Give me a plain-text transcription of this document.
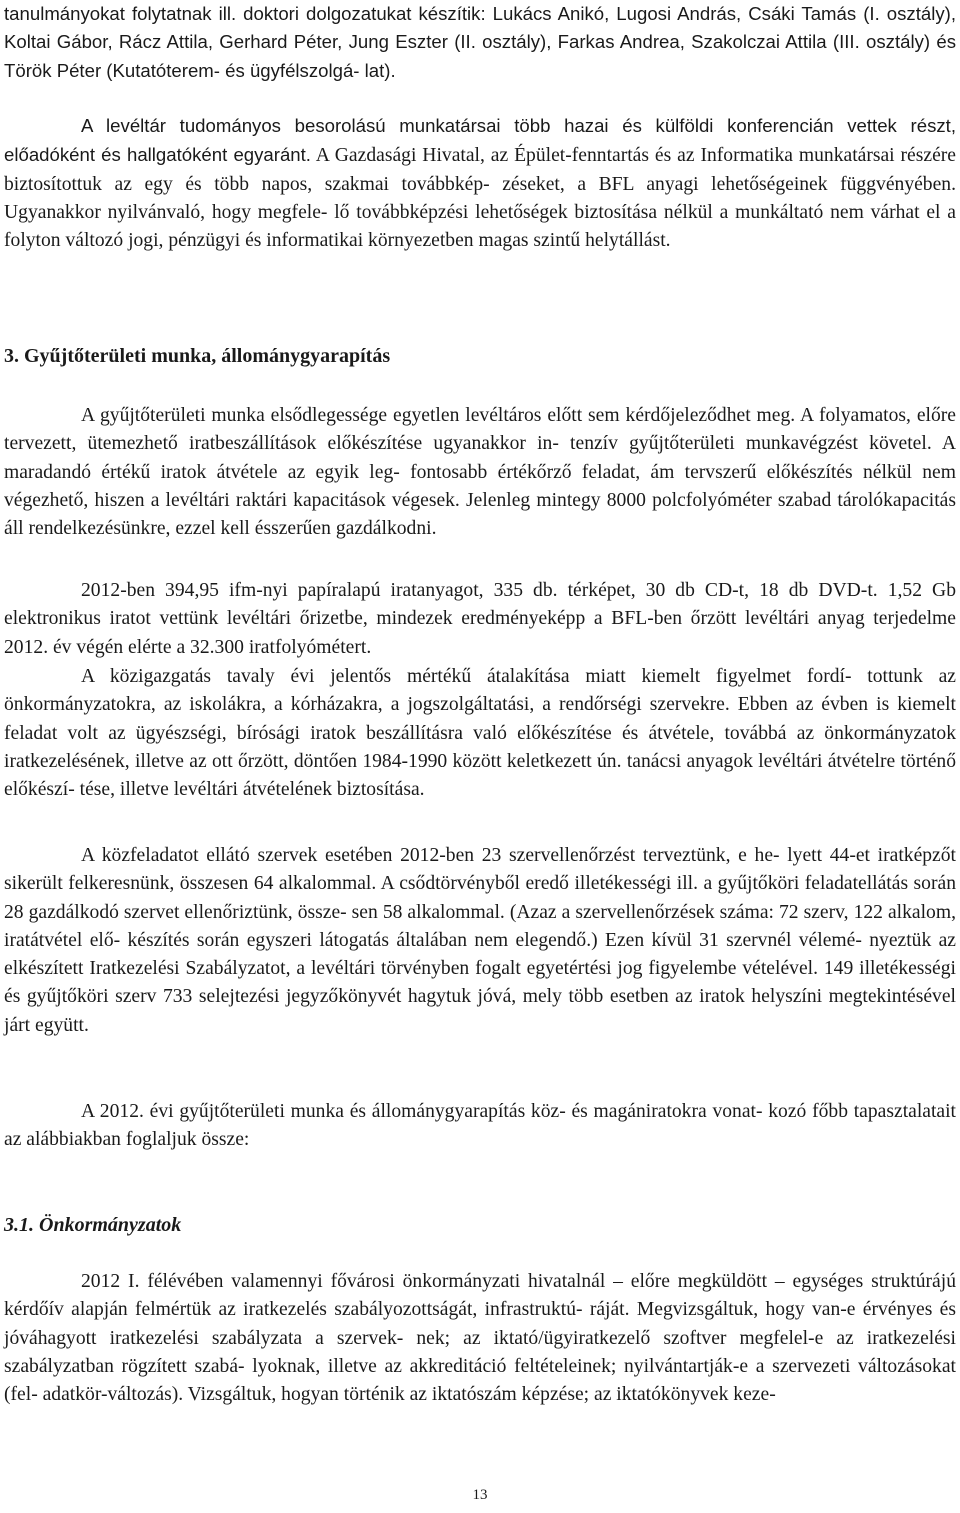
tanulmányokat folytatnak ill. doktori dolgozatukat készítik: Lukács Anikó, Lugosi András, Csáki Tamás (I. osztály), Koltai Gábor, Rácz Attila, Gerhard Péter, Jung Eszter (II. osztály), Farkas Andrea, Szakolczai Attila (III. osztály) és Török Péter (Kutatóterem- és ügyfélszolgá- lat).

A levéltár tudományos besorolású munkatársai több hazai és külföldi konferencián vettek részt, előadóként és hallgatóként egyaránt. A Gazdasági Hivatal, az Épület-fenntartás és az Informatika munkatársai részére biztosítottuk az egy és több napos, szakmai továbbkép- zéseket, a BFL anyagi lehetőségeinek függvényében. Ugyanakkor nyilvánvaló, hogy megfele- lő továbbképzési lehetőségek biztosítása nélkül a munkáltató nem várhat el a folyton változó jogi, pénzügyi és informatikai környezetben magas szintű helytállást.

3. Gyűjtőterületi munka, állománygyarapítás

A gyűjtőterületi munka elsődlegessége egyetlen levéltáros előtt sem kérdőjeleződhet meg. A folyamatos, előre tervezett, ütemezhető iratbeszállítások előkészítése ugyanakkor in- tenzív gyűjtőterületi munkavégzést követel. A maradandó értékű iratok átvétele az egyik leg- fontosabb értékőrző feladat, ám tervszerű előkészítés nélkül nem végezhető, hiszen a levéltári raktári kapacitások végesek. Jelenleg mintegy 8000 polcfolyóméter szabad tárolókapacitás áll rendelkezésünkre, ezzel kell ésszerűen gazdálkodni.

2012-ben 394,95 ifm-nyi papíralapú iratanyagot, 335 db. térképet, 30 db CD-t, 18 db DVD-t. 1,52 Gb elektronikus iratot vettünk levéltári őrizetbe, mindezek eredményeképp a BFL-ben őrzött levéltári anyag terjedelme 2012. év végén elérte a 32.300 iratfolyómétert.

A közigazgatás tavaly évi jelentős mértékű átalakítása miatt kiemelt figyelmet fordí- tottunk az önkormányzatokra, az iskolákra, a kórházakra, a jogszolgáltatási, a rendőrségi szervekre. Ebben az évben is kiemelt feladat volt az ügyészségi, bírósági iratok beszállításra való előkészítése és átvétele, továbbá az önkormányzatok iratkezelésének, illetve az ott őrzött, döntően 1984-1990 között keletkezett ún. tanácsi anyagok levéltári átvételre történő előkészí- tése, illetve levéltári átvételének biztosítása.

A közfeladatot ellátó szervek esetében 2012-ben 23 szervellenőrzést terveztünk, e he- lyett 44-et iratképzőt sikerült felkeresnünk, összesen 64 alkalommal. A csődtörvényből eredő illetékességi ill. a gyűjtőköri feladatellátás során 28 gazdálkodó szervet ellenőriztünk, össze- sen 58 alkalommal. (Azaz a szervellenőrzések száma: 72 szerv, 122 alkalom, iratátvétel elő- készítés során egyszeri látogatás általában nem elegendő.) Ezen kívül 31 szervnél vélemé- nyeztük az elkészített Iratkezelési Szabályzatot, a levéltári törvényben fogalt egyetértési jog figyelembe vételével. 149 illetékességi és gyűjtőköri szerv 733 selejtezési jegyzőkönyvét hagytuk jóvá, mely több esetben az iratok helyszíni megtekintésével járt együtt.

A 2012. évi gyűjtőterületi munka és állománygyarapítás köz- és magániratokra vonat- kozó főbb tapasztalatait az alábbiakban foglaljuk össze:

3.1. Önkormányzatok

2012 I. félévében valamennyi fővárosi önkormányzati hivatalnál – előre megküldött – egységes struktúrájú kérdőív alapján felmértük az iratkezelés szabályozottságát, infrastruktú- ráját. Megvizsgáltuk, hogy van-e érvényes és jóváhagyott iratkezelési szabályzata a szervek- nek; az iktató/ügyiratkezelő szoftver megfelel-e az iratkezelési szabályzatban rögzített szabá- lyoknak, illetve az akkreditáció feltételeinek; nyilvántartják-e a szervezeti változásokat (fel- adatkör-változás). Vizsgáltuk, hogyan történik az iktatószám képzése; az iktatókönyvek keze-

13
